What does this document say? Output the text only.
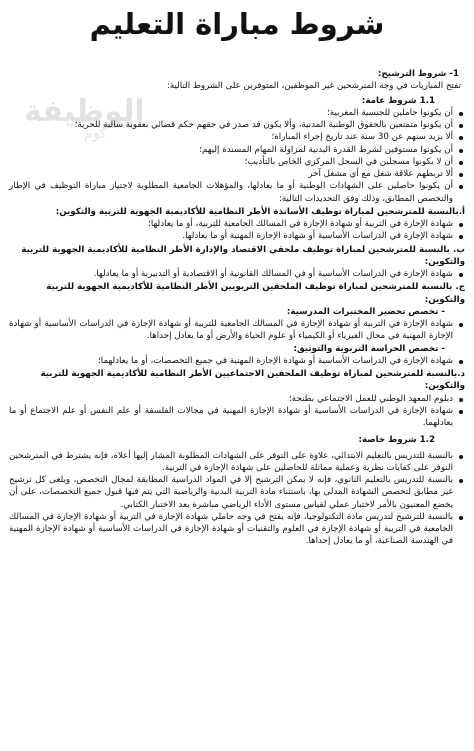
شروط مباراة التعليم
الوظيفة
كوم

1- شروط الترشيح:

تفتح المباريات في وجه المترشحين غير الموظفين، المتوفرين على الشروط التالية:

1.1 شروط عامة:

أن يكونوا حاملين للجنسية المغربية؛

أن يكونوا متمتعين بالحقوق الوطنية المدنية، وألا يكون قد صدر في حقهم حكم قضائي بعقوبة سالبة للحرية؛

ألا يزيد سنهم عن 30 سنة عند تاريخ إجراء المباراة؛

أن يكونوا مستوفين لشرط القدرة البدنية لمزاولة المهام المسندة إليهم؛

أن لا يكونوا مسجلين في السجل المركزي الخاص بالتأديب؛

ألا تربطهم علاقة شغل مع أي مشغل آخر

أن يكونوا حاصلين على الشهادات الوطنية أو ما يعادلها، والمؤهلات الجامعية المطلوبة لاجتياز مباراة التوظيف في الإطار والتخصص المطابق، وذلك وفق التحديدات التالية:

أ.بالنسبة للمترشحين لمباراة توظيف الأساتذة الأطر النظامية للأكاديمية الجهوية للتربية والتكوين:

شهادة الإجازة في التربية أو شهادة الإجازة في المسالك الجامعية للتربية، أو ما يعادلها؛

شهادة الإجازة في الدراسات الأساسية أو شهادة الإجازة المهنية أو ما يعادلها.

ب. بالنسبة للمترشحين لمباراة توظيف ملحقي الاقتصاد والإدارة الأطر النظامية للأكاديمية الجهوية للتربية والتكوين:

شهادة الإجازة في الدراسات الأساسية أو في المسالك القانونية أو الاقتصادية أو التدبيرية أو ما يعادلها.

ج. بالنسبة للمترشحين لمباراة توظيف الملحقين التربويين الأطر النظامية للأكاديمية الجهوية للتربية والتكوين:

- تخصص تحضير المختبرات المدرسية:

شهادة الإجازة في التربية أو شهادة الإجازة في المسالك الجامعية للتربية أو شهادة الإجازة في الدراسات الأساسية أو شهادة الإجازة المهنية في مجال الفيزياء أو الكيمياء أو علوم الحياة والأرض أو ما يعادل إحداها.

- تخصص الحراسة التربوية والتوثيق:

شهادة الإجازة في الدراسات الأساسية أو شهادة الإجازة المهنية في جميع التخصصات، أو ما يعادلهما؛

د.بالنسبة للمترشحين لمباراة توظيف الملحقين الاجتماعيين الأطر النظامية للأكاديمية الجهوية للتربية والتكوين:

دبلوم المعهد الوطني للعمل الاجتماعي بطنجة؛

شهادة الإجازة في الدراسات الأساسية أو شهادة الإجازة المهنية في مجالات الفلسفة أو علم النفس أو علم الاجتماع أو ما يعادلهما.

1.2 شروط خاصة:

بالنسبة للتدريس بالتعليم الابتدائي، علاوة على التوفر على الشهادات المطلوبة المشار إليها أعلاه، فإنه يشترط في المترشحين التوفر على كفايات نظرية وعملية مماثلة للحاصلين على شهادة الإجازة في التربية.

بالنسبة للتدريس بالتعليم الثانوي، فإنه لا يمكن الترشيح إلا في المواد الدراسية المطابقة لمجال التخصص، ويلغى كل ترشيح غير مطابق لتخصص الشهادة المدلى بها، باستثناء مادة التربية البدنية والرياضية التي يتم فيها قبول جميع التخصصات، على أن يخضع المعنيون بالأمر لاختبار عملي لقياس مستوى الأداء الرياضي مباشرة بعد الاختبار الكتابي.

بالنسبة للترشيح لتدريس مادة التكنولوجيا، فإنه يفتح في وجه حاملي شهادة الإجازة في التربية أو شهادة الإجازة في المسالك الجامعية في التربية أو شهادة الإجازة في العلوم والتقنيات أو شهادة الإجازة في الدراسات الأساسية أو شهادة الإجازة المهنية في الهندسة الصناعية، أو ما يعادل إحداها.
